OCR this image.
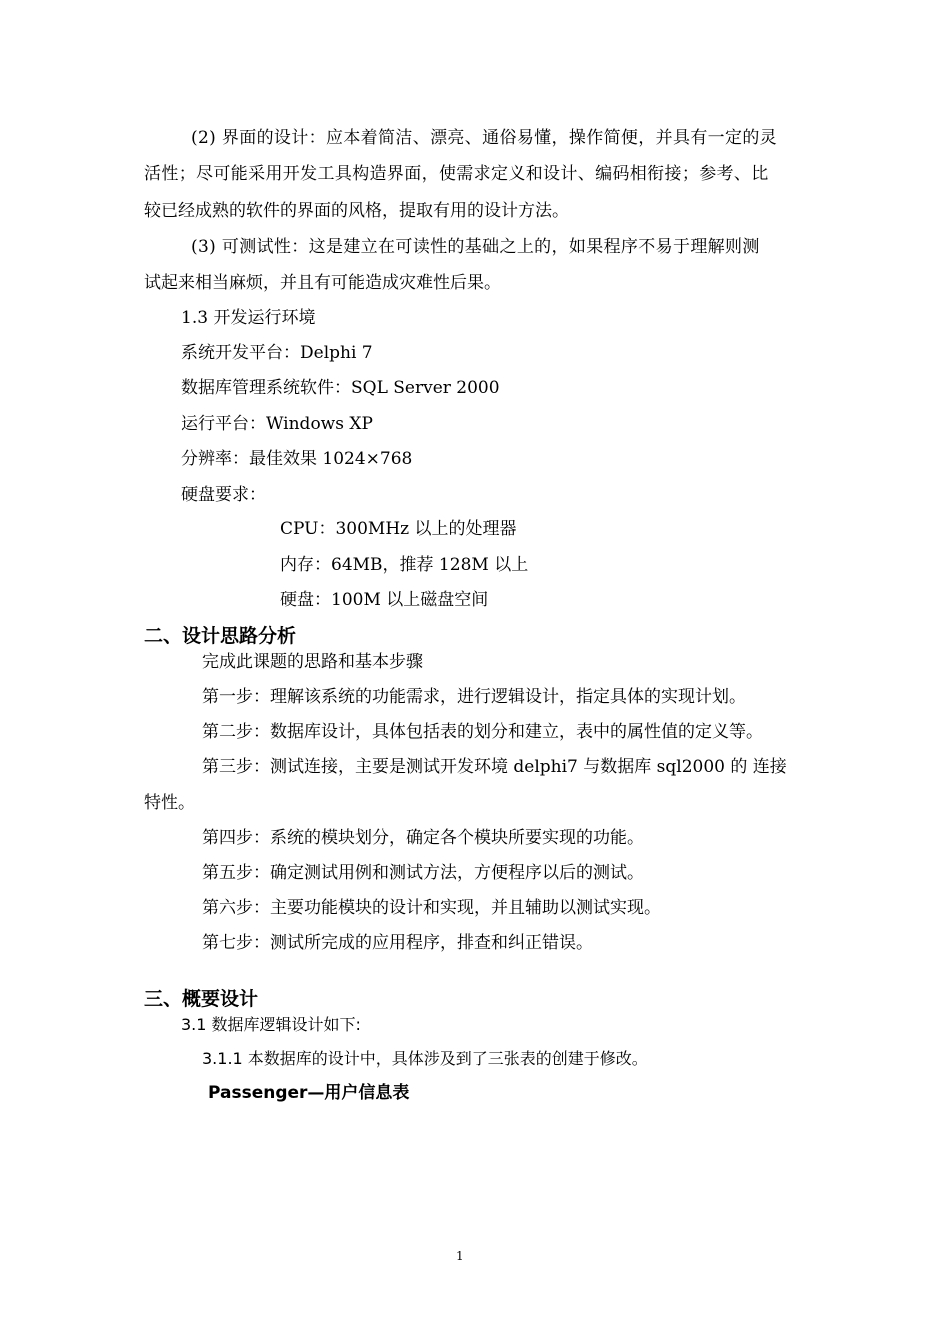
(2) 界面的设计：应本着简洁、漂亮、通俗易懂，操作简便，并具有一定的灵
活性；尽可能采用开发工具构造界面，使需求定义和设计、编码相衔接；参考、比
较已经成熟的软件的界面的风格，提取有用的设计方法。
(3) 可测试性：这是建立在可读性的基础之上的，如果程序不易于理解则测
试起来相当麻烦，并且有可能造成灾难性后果。
1.3 开发运行环境
系统开发平台：Delphi 7
数据库管理系统软件：SQL Server 2000
运行平台：Windows XP
分辨率：最佳效果 1024×768
硬盘要求：
CPU：300MHz 以上的处理器
内存：64MB，推荐 128M 以上
硬盘：100M 以上磁盘空间
二、设计思路分析
完成此课题的思路和基本步骤
第一步：理解该系统的功能需求，进行逻辑设计，指定具体的实现计划。
第二步：数据库设计，具体包括表的划分和建立，表中的属性值的定义等。
第三步：测试连接，主要是测试开发环境 delphi7 与数据库 sql2000 的 连接
特性。
第四步：系统的模块划分，确定各个模块所要实现的功能。
第五步：确定测试用例和测试方法，方便程序以后的测试。
第六步：主要功能模块的设计和实现，并且辅助以测试实现。
第七步：测试所完成的应用程序，排查和纠正错误。
三、概要设计
3.1 数据库逻辑设计如下:
3.1.1 本数据库的设计中，具体涉及到了三张表的创建于修改。
Passenger—用户信息表
1
